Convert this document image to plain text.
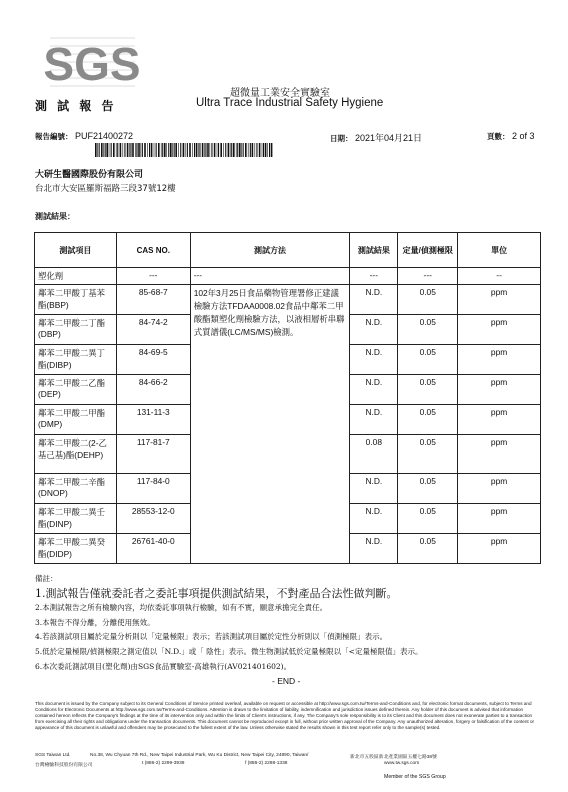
SGS
測 試 報 告
超微量工業安全實驗室
Ultra Trace Industrial Safety Hygiene
報告編號： PUF21400272	日期： 2021年04月21日	頁數： 2 of 3
大研生醫國際股份有限公司
台北市大安區羅斯福路三段37號12樓
測試結果：
測試項目	CAS NO.	測試方法	測試結果	定量/偵測極限	單位
塑化劑	---	---	---	---	--
鄰苯二甲酸丁基苯酯(BBP)	85-68-7	102年3月25日食品藥物管理署修正建議檢驗方法TFDAA0008.02食品中鄰苯二甲酸酯類塑化劑檢驗方法，以液相層析串聯式質譜儀(LC/MS/MS)檢測。	N.D.	0.05	ppm
鄰苯二甲酸二丁酯(DBP)	84-74-2		N.D.	0.05	ppm
鄰苯二甲酸二異丁酯(DIBP)	84-69-5		N.D.	0.05	ppm
鄰苯二甲酸二乙酯(DEP)	84-66-2		N.D.	0.05	ppm
鄰苯二甲酸二甲酯(DMP)	131-11-3		N.D.	0.05	ppm
鄰苯二甲酸二(2-乙基己基)酯(DEHP)	117-81-7		0.08	0.05	ppm
鄰苯二甲酸二辛酯(DNOP)	117-84-0		N.D.	0.05	ppm
鄰苯二甲酸二異壬酯(DINP)	28553-12-0		N.D.	0.05	ppm
鄰苯二甲酸二異癸酯(DIDP)	26761-40-0		N.D.	0.05	ppm
備註：
1.測試報告僅就委託者之委託事項提供測試結果，不對產品合法性做判斷。
2.本測試報告之所有檢驗內容，均依委託事項執行檢驗，如有不實，願意承擔完全責任。
3.本報告不得分離，分離使用無效。
4.若該測試項目屬於定量分析則以「定量極限」表示；若該測試項目屬於定性分析則以「偵測極限」表示。
5.低於定量極限/偵測極限之測定值以「N.D.」或「 陰性」表示。微生物測試低於定量極限以「<定量極限值」表示。
6.本次委託測試項目(塑化劑)由SGS食品實驗室-高雄執行(AV021401602)。
- END -
This document is issued by the Company subject to its General Conditions of Service printed overleaf, available on request or accessible at http://www.sgs.com.tw/Terms-and-Conditions and, for electronic format documents, subject to Terms and Conditions for Electronic Documents at http://www.sgs.com.tw/Terms-and-Conditions. Attention is drawn to the limitation of liability, indemnification and jurisdiction issues defined therein. Any holder of this document is advised that information contained hereon reflects the Company's findings at the time of its intervention only and within the limits of Client's instructions, if any. The Company's sole responsibility is to its Client and this document does not exonerate parties to a transaction from exercising all their rights and obligations under the transaction documents. This document cannot be reproduced except in full, without prior written approval of the Company. Any unauthorized alteration, forgery or falsification of the content or appearance of this document is unlawful and offenders may be prosecuted to the fullest extent of the law. Unless otherwise stated the results shown in this test report refer only to the sample(s) tested.
SGS Taiwan Ltd.	No.38, Wu Chyuan 7th Rd., New Taipei Industrial Park, Wu Ku District, New Taipei City, 24890, Taiwan/	新北市五股區新北產業園區五權七路38號
台灣檢驗科技股份有限公司	t (886-2) 2299-3939	f (886-2) 2298-1338	www.tw.sgs.com
Member of the SGS Group
